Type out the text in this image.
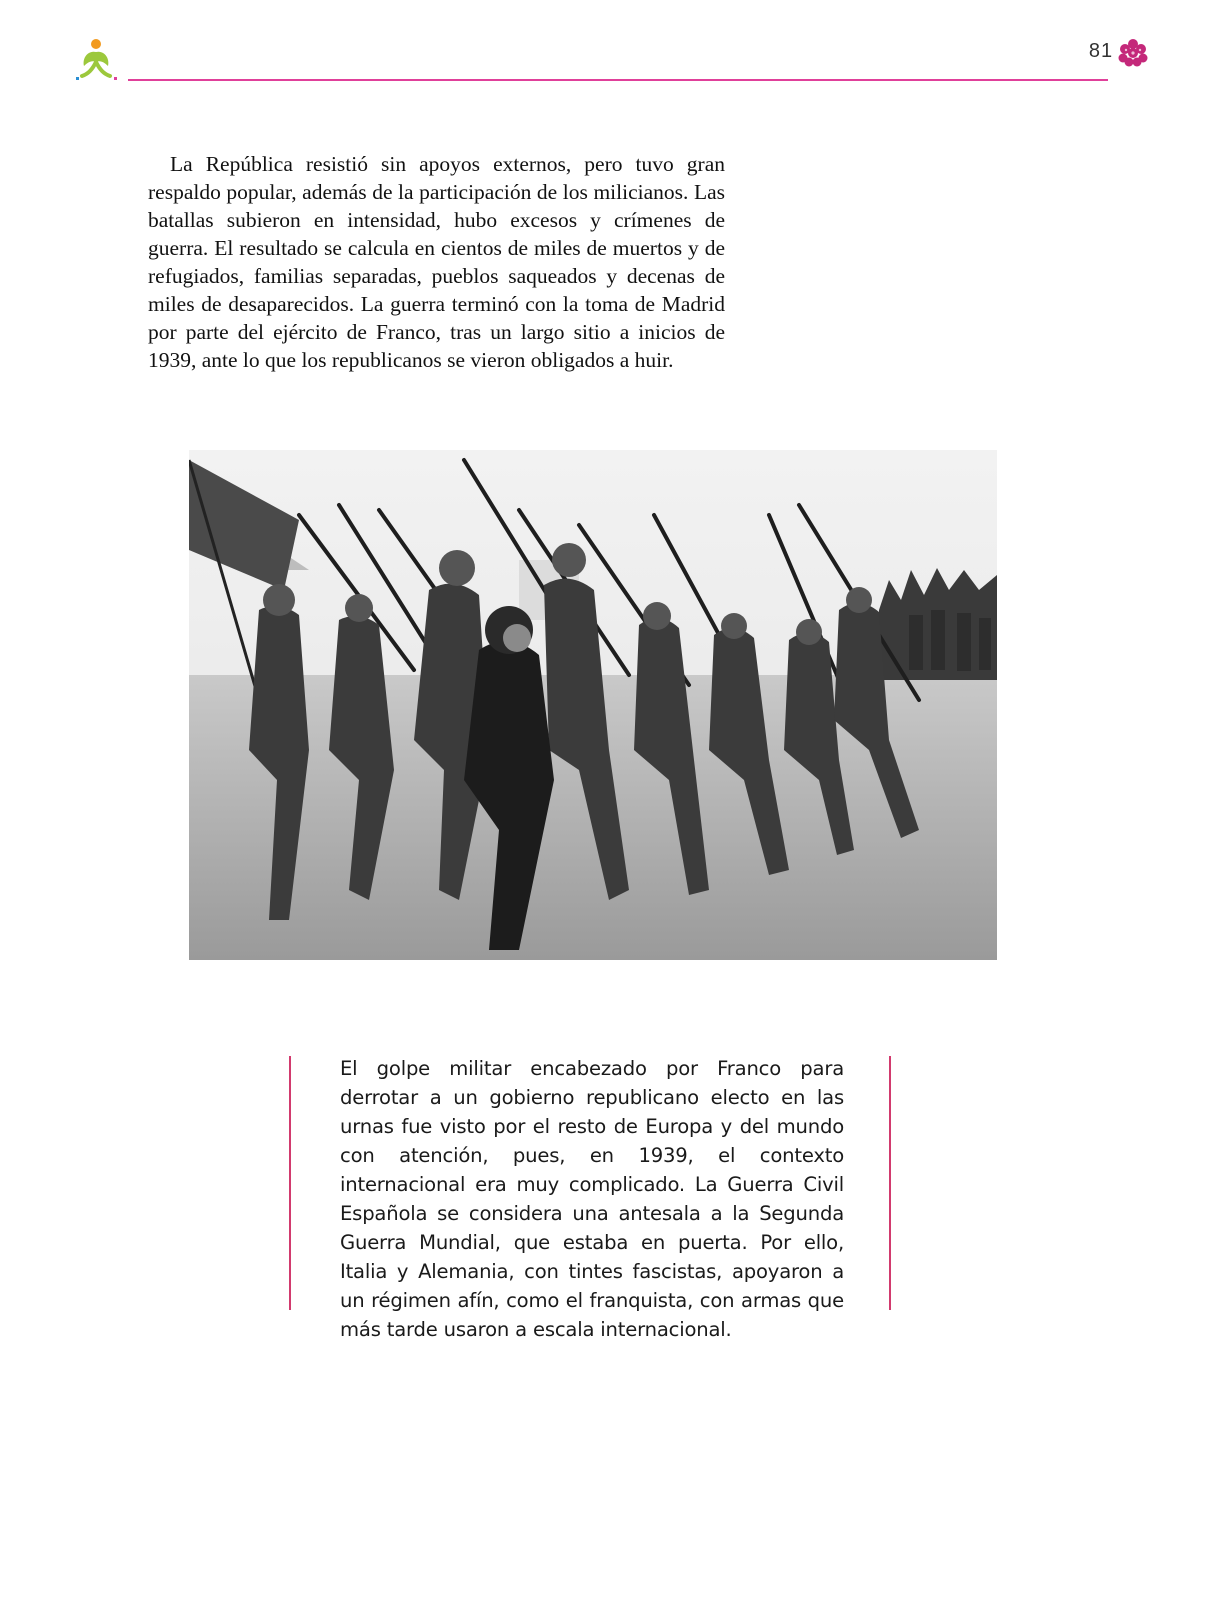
81

La República resistió sin apoyos externos, pero tuvo gran respaldo popular, además de la participación de los milicianos. Las batallas subieron en intensidad, hubo excesos y crímenes de guerra. El resultado se calcula en cientos de miles de muertos y de refugiados, familias separadas, pueblos saqueados y decenas de miles de desaparecidos. La guerra terminó con la toma de Madrid por parte del ejército de Franco, tras un largo sitio a inicios de 1939, ante lo que los republicanos se vieron obligados a huir.

El golpe militar encabezado por Franco para derrotar a un gobierno republicano electo en las urnas fue visto por el resto de Europa y del mundo con atención, pues, en 1939, el contexto internacional era muy complicado. La Guerra Civil Española se considera una antesala a la Segunda Guerra Mundial, que estaba en puerta. Por ello, Italia y Alemania, con tintes fascistas, apoyaron a un régimen afín, como el franquista, con armas que más tarde usaron a escala internacional.
